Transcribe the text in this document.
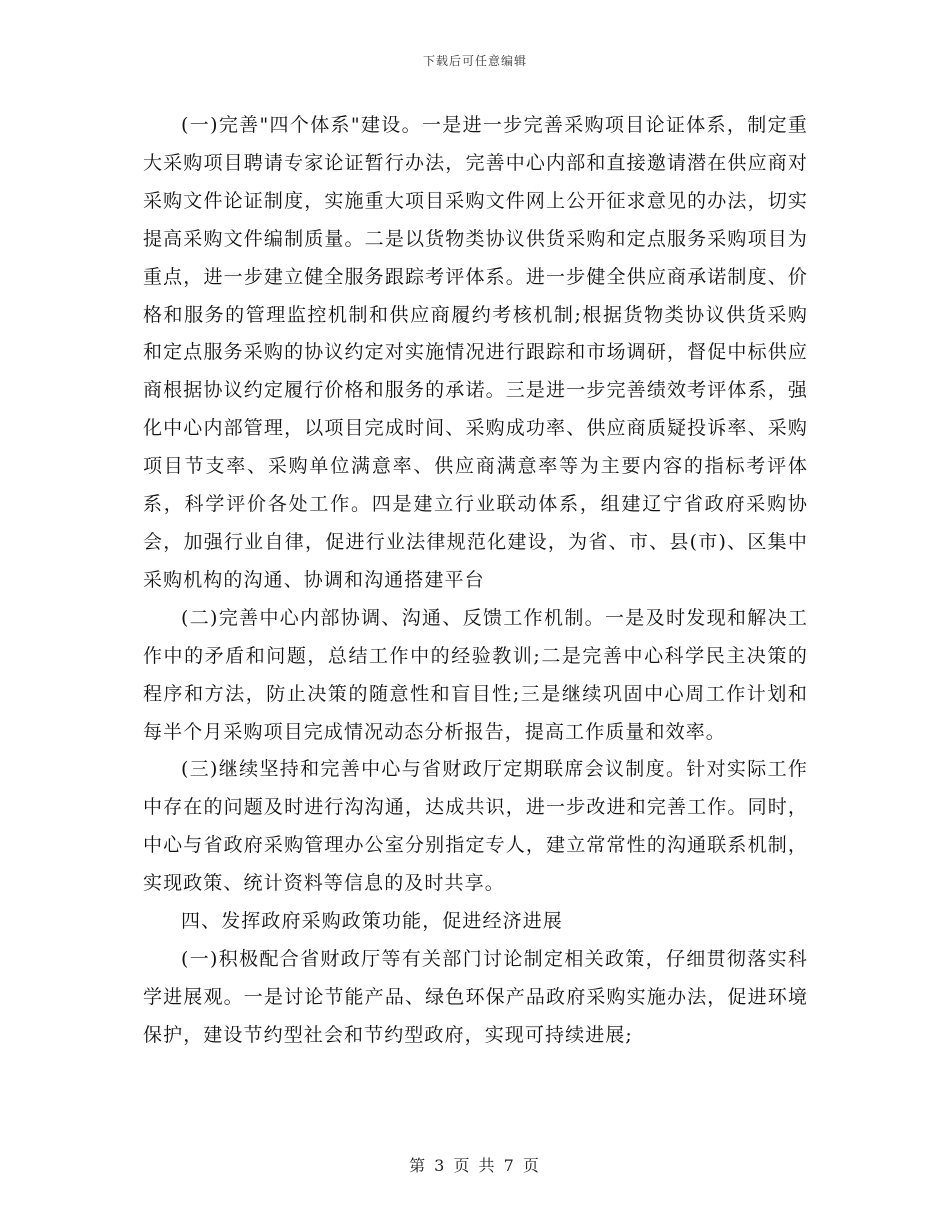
下载后可任意编辑

(一)完善"四个体系"建设。一是进一步完善采购项目论证体系，制定重大采购项目聘请专家论证暂行办法，完善中心内部和直接邀请潜在供应商对采购文件论证制度，实施重大项目采购文件网上公开征求意见的办法，切实提高采购文件编制质量。二是以货物类协议供货采购和定点服务采购项目为重点，进一步建立健全服务跟踪考评体系。进一步健全供应商承诺制度、价格和服务的管理监控机制和供应商履约考核机制;根据货物类协议供货采购和定点服务采购的协议约定对实施情况进行跟踪和市场调研，督促中标供应商根据协议约定履行价格和服务的承诺。三是进一步完善绩效考评体系，强化中心内部管理，以项目完成时间、采购成功率、供应商质疑投诉率、采购项目节支率、采购单位满意率、供应商满意率等为主要内容的指标考评体系，科学评价各处工作。四是建立行业联动体系，组建辽宁省政府采购协会，加强行业自律，促进行业法律规范化建设，为省、市、县(市)、区集中采购机构的沟通、协调和沟通搭建平台

(二)完善中心内部协调、沟通、反馈工作机制。一是及时发现和解决工作中的矛盾和问题，总结工作中的经验教训;二是完善中心科学民主决策的程序和方法，防止决策的随意性和盲目性;三是继续巩固中心周工作计划和每半个月采购项目完成情况动态分析报告，提高工作质量和效率。

(三)继续坚持和完善中心与省财政厅定期联席会议制度。针对实际工作中存在的问题及时进行沟沟通，达成共识，进一步改进和完善工作。同时，中心与省政府采购管理办公室分别指定专人，建立常常性的沟通联系机制，实现政策、统计资料等信息的及时共享。

四、发挥政府采购政策功能，促进经济进展

(一)积极配合省财政厅等有关部门讨论制定相关政策，仔细贯彻落实科学进展观。一是讨论节能产品、绿色环保产品政府采购实施办法，促进环境保护，建设节约型社会和节约型政府，实现可持续进展;

第 3 页 共 7 页
